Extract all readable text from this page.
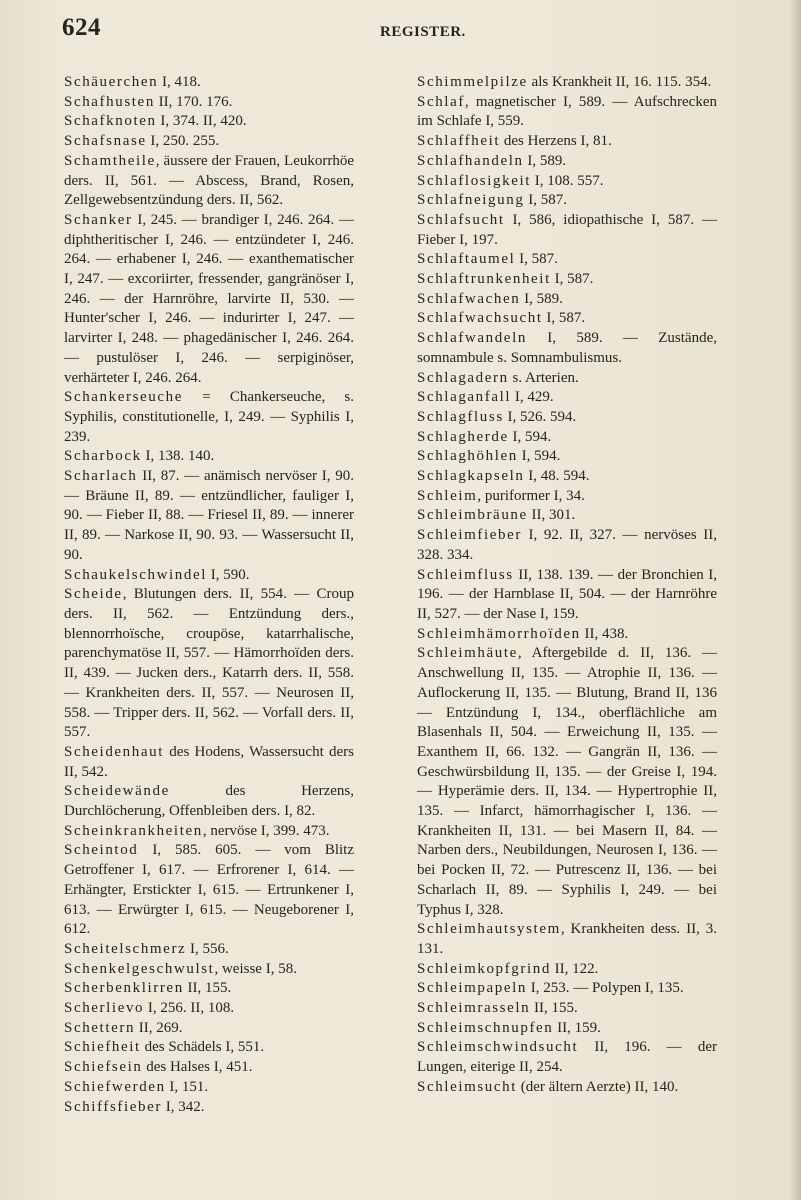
624	REGISTER.

Schäuerchen I, 418.

Schafhusten II, 170. 176.

Schafknoten I, 374. II, 420.

Schafsnase I, 250. 255.

Schamtheile, äussere der Frauen, Leukorrhöe ders. II, 561. — Abscess, Brand, Rosen, Zellgewebsentzündung ders. II, 562.

Schanker I, 245. — brandiger I, 246. 264. — diphtheritischer I, 246. — entzündeter I, 246. 264. — erhabener I, 246. — exanthematischer I, 247. — excoriirter, fressender, gangränöser I, 246. — der Harnröhre, larvirte II, 530. — Hunter'scher I, 246. — indurirter I, 247. — larvirter I, 248. — phagedänischer I, 246. 264. — pustulöser I, 246. — serpiginöser, verhärteter I, 246. 264.

Schankerseuche = Chankerseuche, s. Syphilis, constitutionelle, I, 249. — Syphilis I, 239.

Scharbock I, 138. 140.

Scharlach II, 87. — anämisch nervöser I, 90. — Bräune II, 89. — entzündlicher, fauliger I, 90. — Fieber II, 88. — Friesel II, 89. — innerer II, 89. — Narkose II, 90. 93. — Wassersucht II, 90.

Schaukelschwindel I, 590.

Scheide, Blutungen ders. II, 554. — Croup ders. II, 562. — Entzündung ders., blennorrhoïsche, croupöse, katarrhalische, parenchymatöse II, 557. — Hämorrhoïden ders. II, 439. — Jucken ders., Katarrh ders. II, 558. — Krankheiten ders. II, 557. — Neurosen II, 558. — Tripper ders. II, 562. — Vorfall ders. II, 557.

Scheidenhaut des Hodens, Wassersucht ders II, 542.

Scheidewände des Herzens, Durchlöcherung, Offenbleiben ders. I, 82.

Scheinkrankheiten, nervöse I, 399. 473.

Scheintod I, 585. 605. — vom Blitz Getroffener I, 617. — Erfrorener I, 614. — Erhängter, Erstickter I, 615. — Ertrunkener I, 613. — Erwürgter I, 615. — Neugeborener I, 612.

Scheitelschmerz I, 556.

Schenkelgeschwulst, weisse I, 58.

Scherbenklirren II, 155.

Scherlievo I, 256. II, 108.

Schettern II, 269.

Schiefheit des Schädels I, 551.

Schiefsein des Halses I, 451.

Schiefwerden I, 151.

Schiffsfieber I, 342.

Schimmelpilze als Krankheit II, 16. 115. 354.

Schlaf, magnetischer I, 589. — Aufschrecken im Schlafe I, 559.

Schlaffheit des Herzens I, 81.

Schlafhandeln I, 589.

Schlaflosigkeit I, 108. 557.

Schlafneigung I, 587.

Schlafsucht I, 586, idiopathische I, 587. — Fieber I, 197.

Schlaftaumel I, 587.

Schlaftrunkenheit I, 587.

Schlafwachen I, 589.

Schlafwachsucht I, 587.

Schlafwandeln I, 589. — Zustände, somnambule s. Somnambulismus.

Schlagadern s. Arterien.

Schlaganfall I, 429.

Schlagfluss I, 526. 594.

Schlagherde I, 594.

Schlaghöhlen I, 594.

Schlagkapseln I, 48. 594.

Schleim, puriformer I, 34.

Schleimbräune II, 301.

Schleimfieber I, 92. II, 327. — nervöses II, 328. 334.

Schleimfluss II, 138. 139. — der Bronchien I, 196. — der Harnblase II, 504. — der Harnröhre II, 527. — der Nase I, 159.

Schleimhämorrhoïden II, 438.

Schleimhäute, Aftergebilde d. II, 136. — Anschwellung II, 135. — Atrophie II, 136. — Auflockerung II, 135. — Blutung, Brand II, 136 — Entzündung I, 134., oberflächliche am Blasenhals II, 504. — Erweichung II, 135. — Exanthem II, 66. 132. — Gangrän II, 136. — Geschwürsbildung II, 135. — der Greise I, 194. — Hyperämie ders. II, 134. — Hypertrophie II, 135. — Infarct, hämorrhagischer I, 136. — Krankheiten II, 131. — bei Masern II, 84. — Narben ders., Neubildungen, Neurosen I, 136. — bei Pocken II, 72. — Putrescenz II, 136. — bei Scharlach II, 89. — Syphilis I, 249. — bei Typhus I, 328.

Schleimhautsystem, Krankheiten dess. II, 3. 131.

Schleimkopfgrind II, 122.

Schleimpapeln I, 253. — Polypen I, 135.

Schleimrasseln II, 155.

Schleimschnupfen II, 159.

Schleimschwindsucht II, 196. — der Lungen, eiterige II, 254.

Schleimsucht (der ältern Aerzte) II, 140.
